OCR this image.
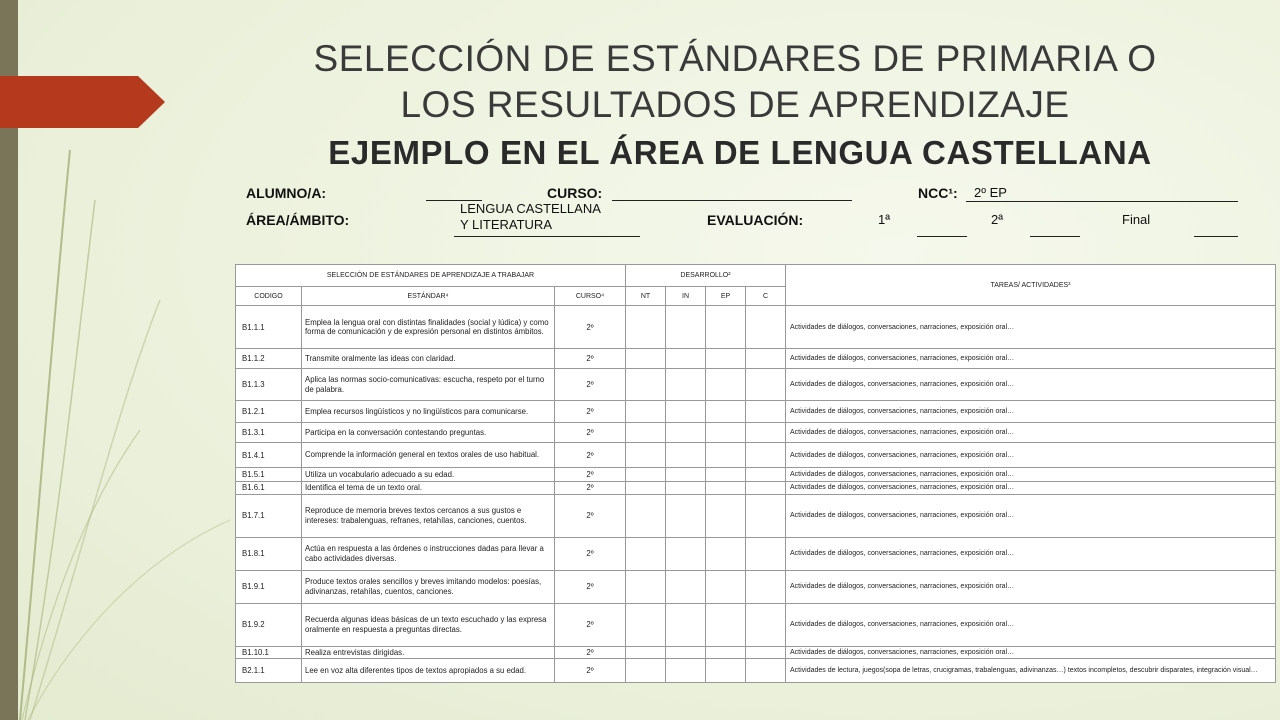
SELECCIÓN DE ESTÁNDARES DE PRIMARIA O
LOS RESULTADOS DE APRENDIZAJE
EJEMPLO EN EL ÁREA DE LENGUA CASTELLANA
ALUMNO/A:	CURSO:	NCC¹: 2º EP
ÁREA/ÁMBITO:
LENGUA CASTELLANA
Y LITERATURA	EVALUACIÓN:	1ª	2ª	Final
SELECCIÓN DE ESTÁNDARES DE APRENDIZAJE A TRABAJAR			DESARROLLO²				TAREAS/ ACTIVIDADES³
CODIGO	ESTÁNDAR⁴	CURSO⁴	NT	IN	EP	C	
B1.1.1	Emplea la lengua oral con distintas finalidades (social y lúdica) y como forma de comunicación y de expresión personal en distintos ámbitos.	2º					Actividades de diálogos, conversaciones, narraciones, exposición oral…
B1.1.2	Transmite oralmente las ideas con claridad.	2º					Actividades de diálogos, conversaciones, narraciones, exposición oral…
B1.1.3	Aplica las normas socio-comunicativas: escucha, respeto por el turno de palabra.	2º					Actividades de diálogos, conversaciones, narraciones, exposición oral…
B1.2.1	Emplea recursos lingüísticos y no lingüísticos para comunicarse.	2º					Actividades de diálogos, conversaciones, narraciones, exposición oral…
B1.3.1	Participa en la conversación contestando preguntas.	2º					Actividades de diálogos, conversaciones, narraciones, exposición oral…
B1.4.1	Comprende la información general en textos orales de uso habitual.	2º					Actividades de diálogos, conversaciones, narraciones, exposición oral…
B1.5.1	Utiliza un vocabulario adecuado a su edad.	2º					Actividades de diálogos, conversaciones, narraciones, exposición oral…
B1.6.1	Identifica el tema de un texto oral.	2º					Actividades de diálogos, conversaciones, narraciones, exposición oral…
B1.7.1	Reproduce de memoria breves textos cercanos a sus gustos e intereses: trabalenguas, refranes, retahílas, canciones, cuentos.	2º					Actividades de diálogos, conversaciones, narraciones, exposición oral…
B1.8.1	Actúa en respuesta a las órdenes o instrucciones dadas para llevar a cabo actividades diversas.	2º					Actividades de diálogos, conversaciones, narraciones, exposición oral…
B1.9.1	Produce textos orales sencillos y breves imitando modelos: poesías, adivinanzas, retahílas, cuentos, canciones.	2º					Actividades de diálogos, conversaciones, narraciones, exposición oral…
B1.9.2	Recuerda algunas ideas básicas de un texto escuchado y las expresa oralmente en respuesta a preguntas directas.	2º					Actividades de diálogos, conversaciones, narraciones, exposición oral…
B1.10.1	Realiza entrevistas dirigidas.	2º					Actividades de diálogos, conversaciones, narraciones, exposición oral…
B2.1.1	Lee en voz alta diferentes tipos de textos apropiados a su edad.	2º					Actividades de lectura, juegos(sopa de letras, crucigramas, trabalenguas, adivinanzas…) textos incompletos, descubrir disparates, integración visual…
